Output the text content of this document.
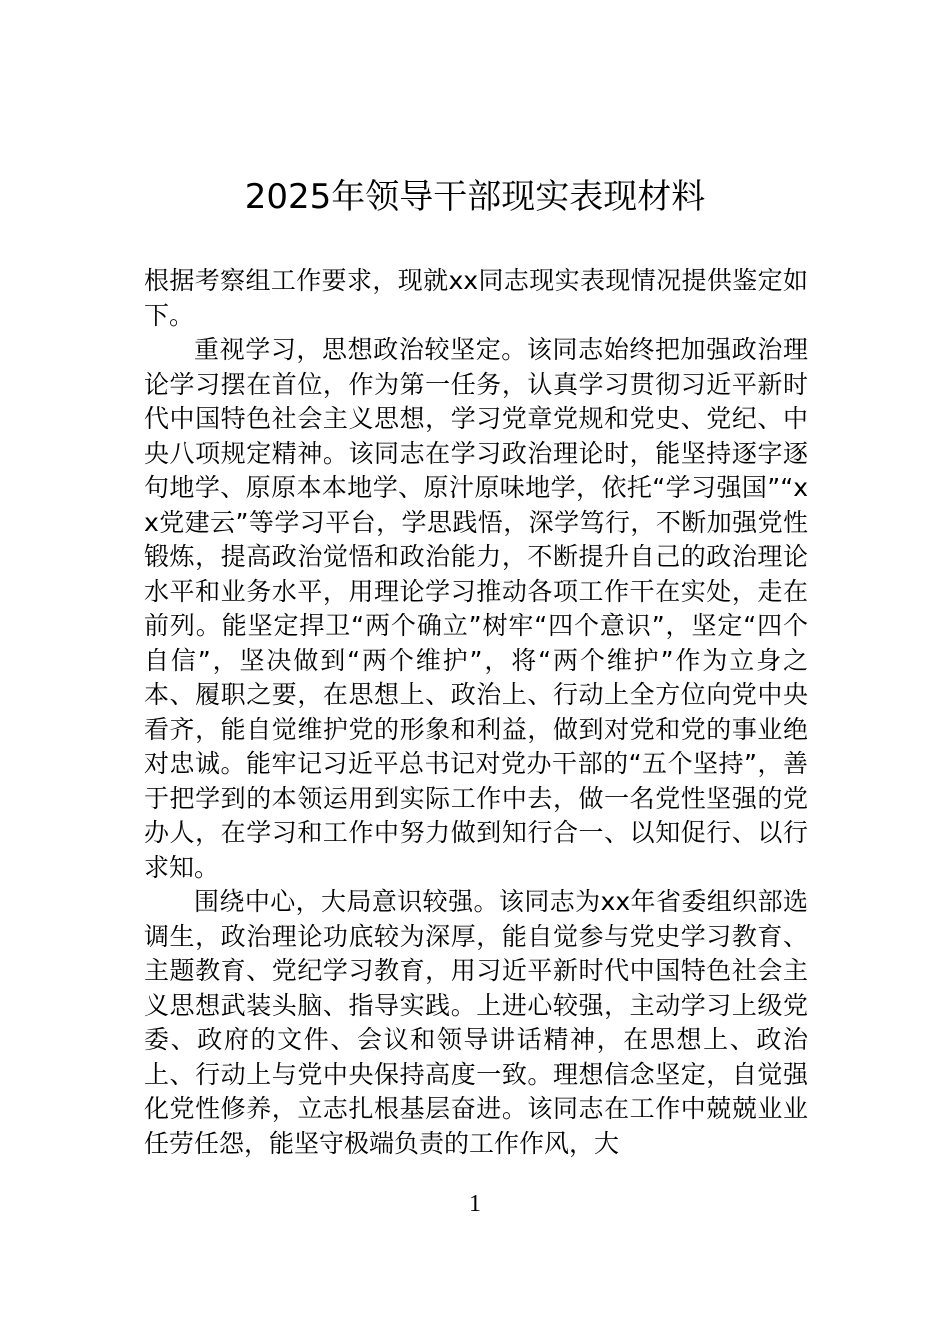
2025年领导干部现实表现材料

根据考察组工作要求，现就xx同志现实表现情况提供鉴定如下。

重视学习，思想政治较坚定。该同志始终把加强政治理论学习摆在首位，作为第一任务，认真学习贯彻习近平新时代中国特色社会主义思想，学习党章党规和党史、党纪、中央八项规定精神。该同志在学习政治理论时，能坚持逐字逐句地学、原原本本地学、原汁原味地学，依托“学习强国”“xx党建云”等学习平台，学思践悟，深学笃行，不断加强党性锻炼，提高政治觉悟和政治能力，不断提升自己的政治理论水平和业务水平，用理论学习推动各项工作干在实处，走在前列。能坚定捍卫“两个确立”树牢“四个意识”，坚定“四个自信”，坚决做到“两个维护”，将“两个维护”作为立身之本、履职之要，在思想上、政治上、行动上全方位向党中央看齐，能自觉维护党的形象和利益，做到对党和党的事业绝对忠诚。能牢记习近平总书记对党办干部的“五个坚持”，善于把学到的本领运用到实际工作中去，做一名党性坚强的党办人，在学习和工作中努力做到知行合一、以知促行、以行求知。

围绕中心，大局意识较强。该同志为xx年省委组织部选调生，政治理论功底较为深厚，能自觉参与党史学习教育、主题教育、党纪学习教育，用习近平新时代中国特色社会主义思想武装头脑、指导实践。上进心较强，主动学习上级党委、政府的文件、会议和领导讲话精神，在思想上、政治上、行动上与党中央保持高度一致。理想信念坚定，自觉强化党性修养，立志扎根基层奋进。该同志在工作中兢兢业业任劳任怨，能坚守极端负责的工作作风，大

1
